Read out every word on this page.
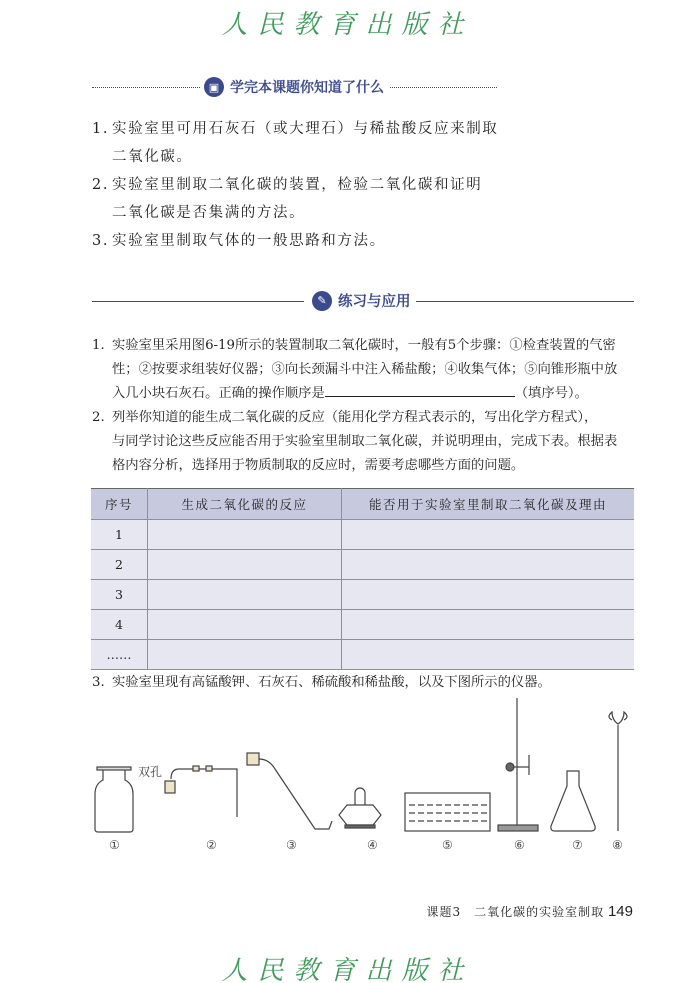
人民教育出版社
▣ 学完本课题你知道了什么
1. 实验室里可用石灰石（或大理石）与稀盐酸反应来制取
二氧化碳。
2. 实验室里制取二氧化碳的装置，检验二氧化碳和证明
二氧化碳是否集满的方法。
3. 实验室里制取气体的一般思路和方法。
✎ 练习与应用
1. 实验室里采用图6-19所示的装置制取二氧化碳时，一般有5个步骤：①检查装置的气密
性；②按要求组装好仪器；③向长颈漏斗中注入稀盐酸；④收集气体；⑤向锥形瓶中放
入几小块石灰石。正确的操作顺序是	（填序号）。
2. 列举你知道的能生成二氧化碳的反应（能用化学方程式表示的，写出化学方程式），
与同学讨论这些反应能否用于实验室里制取二氧化碳，并说明理由，完成下表。根据表
格内容分析，选择用于物质制取的反应时，需要考虑哪些方面的问题。
序号	生成二氧化碳的反应	能否用于实验室里制取二氧化碳及理由
1		
2		
3		
4		
……		
3. 实验室里现有高锰酸钾、石灰石、稀硫酸和稀盐酸，以及下图所示的仪器。
双孔
①	②	③	④	⑤	⑥	⑦ ⑧
课题3　二氧化碳的实验室制取 149
人民教育出版社
